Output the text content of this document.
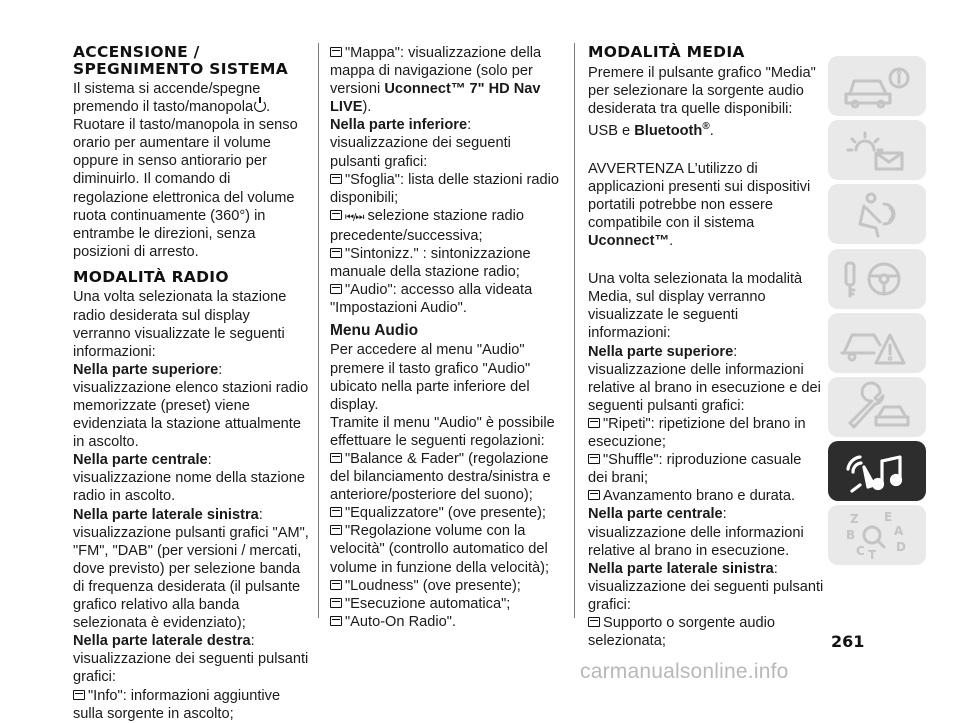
ACCENSIONE / SPEGNIMENTO SISTEMA

Il sistema si accende/spegne premendo il tasto/manopola .

Ruotare il tasto/manopola in senso orario per aumentare il volume oppure in senso antiorario per diminuirlo. Il comando di regolazione elettronica del volume ruota continuamente (360°) in entrambe le direzioni, senza posizioni di arresto.

MODALITÀ RADIO

Una volta selezionata la stazione radio desiderata sul display verranno visualizzate le seguenti informazioni:

Nella parte superiore: visualizzazione elenco stazioni radio memorizzate (preset) viene evidenziata la stazione attualmente in ascolto.

Nella parte centrale: visualizzazione nome della stazione radio in ascolto.

Nella parte laterale sinistra: visualizzazione pulsanti grafici "AM", "FM", "DAB" (per versioni / mercati, dove previsto) per selezione banda di frequenza desiderata (il pulsante grafico relativo alla banda selezionata è evidenziato);

Nella parte laterale destra: visualizzazione dei seguenti pulsanti grafici:

"Info": informazioni aggiuntive sulla sorgente in ascolto;

"Mappa": visualizzazione della mappa di navigazione (solo per versioni Uconnect™ 7" HD Nav LIVE).

Nella parte inferiore: visualizzazione dei seguenti pulsanti grafici:

"Sfoglia": lista delle stazioni radio disponibili;

⏮/⏭ selezione stazione radio precedente/successiva;

"Sintonizz." : sintonizzazione manuale della stazione radio;

"Audio": accesso alla videata "Impostazioni Audio".

Menu Audio

Per accedere al menu "Audio" premere il tasto grafico "Audio" ubicato nella parte inferiore del display.

Tramite il menu "Audio" è possibile effettuare le seguenti regolazioni:

"Balance & Fader" (regolazione del bilanciamento destra/sinistra e anteriore/posteriore del suono);

"Equalizzatore" (ove presente);

"Regolazione volume con la velocità" (controllo automatico del volume in funzione della velocità);

"Loudness" (ove presente);

"Esecuzione automatica";

"Auto-On Radio".

MODALITÀ MEDIA

Premere il pulsante grafico "Media" per selezionare la sorgente audio desiderata tra quelle disponibili: USB e Bluetooth®.

AVVERTENZA L’utilizzo di applicazioni presenti sui dispositivi portatili potrebbe non essere compatibile con il sistema Uconnect™.

Una volta selezionata la modalità Media, sul display verranno visualizzate le seguenti informazioni:

Nella parte superiore: visualizzazione delle informazioni relative al brano in esecuzione e dei seguenti pulsanti grafici:

"Ripeti": ripetizione del brano in esecuzione;

"Shuffle": riproduzione casuale dei brani;

Avanzamento brano e durata.

Nella parte centrale: visualizzazione delle informazioni relative al brano in esecuzione.

Nella parte laterale sinistra:

visualizzazione dei seguenti pulsanti grafici:

Supporto o sorgente audio selezionata;

Z E
A
B
C	D
T
261
carmanualsonline.info
